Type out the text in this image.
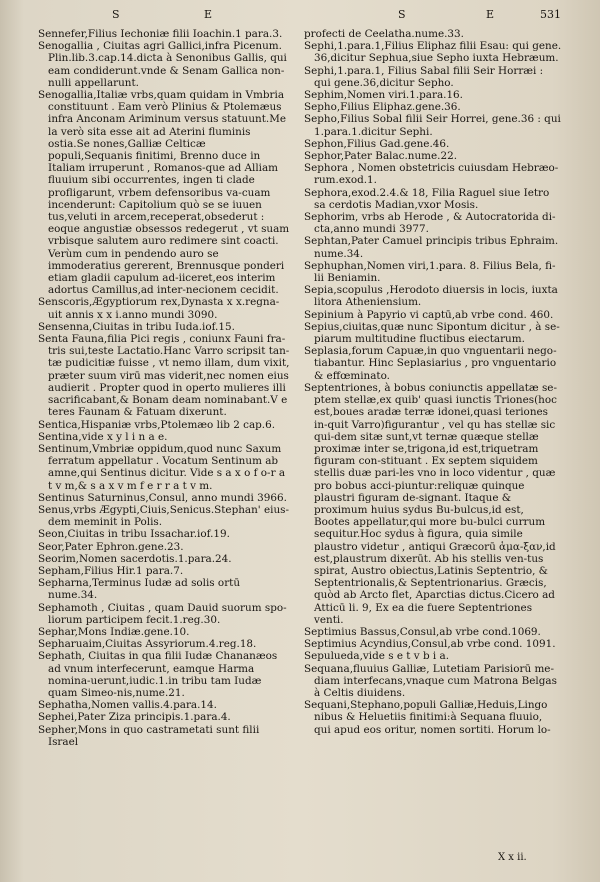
S	E	S	E	531

Sennefer,Filius Iechoniæ filii Ioachin.1 para.3.

Senogallia , Ciuitas agri Gallici,infra Picenum. Plin.lib.3.cap.14.dicta à Senonibus Gallis, qui eam condiderunt.vnde & Senam Gallica non-nulli appellarunt.

Senogallia,Italiæ vrbs,quam quidam in Vmbria constituunt . Eam verò Plinius & Ptolemæus infra Anconam Ariminum versus statuunt.Me la verò sita esse ait ad Aterini fluminis ostia.Se nones,Galliæ Celticæ populi,Sequanis finitimi, Brenno duce in Italiam irruperunt , Romanos-que ad Alliam fluuium sibi occurrentes, ingen ti clade profligarunt, vrbem defensoribus va-cuam incenderunt: Capitolium quò se se iuuen tus,veluti in arcem,receperat,obsederut : eoque angustiæ obsessos redegerut , vt suam vrbisque salutem auro redimere sint coacti. Verùm cum in pendendo auro se immoderatius gererent, Brennusque ponderi etiam gladii capulum ad-iiceret,eos interim adortus Camillus,ad inter-necionem cecidit.

Senscoris,Ægyptiorum rex,Dynasta x x.regna-uit annis x x i.anno mundi 3090.

Sensenna,Ciuitas in tribu Iuda.iof.15.

Senta Fauna,filia Pici regis , coniunx Fauni fra-tris sui,teste Lactatio.Hanc Varro scripsit tan-tæ pudicitiæ fuisse , vt nemo illam, dum vixit, præter suum virū mas viderit,nec nomen eius audierit . Propter quod in operto mulieres illi sacrificabant,& Bonam deam nominabant.V e teres Faunam & Fatuam dixerunt.

Sentica,Hispaniæ vrbs,Ptolemæo lib 2 cap.6.

Sentina,vide x y l i n a e.

Sentinum,Vmbriæ oppidum,quod nunc Saxum ferratum appellatur . Vocatum Sentinum ab amne,qui Sentinus dicitur. Vide s a x o f o-r a t v m,& s a x v m f e r r a t v m.

Sentinus Saturninus,Consul, anno mundi 3966.

Senus,vrbs Ægypti,Ciuis,Senicus.Stephan' eius-dem meminit in Polis.

Seon,Ciuitas in tribu Issachar.iof.19.

Seor,Pater Ephron.gene.23.

Seorim,Nomen sacerdotis.1.para.24.

Sepham,Filius Hir.1 para.7.

Sepharna,Terminus Iudæ ad solis ortū nume.34.

Sephamoth , Ciuitas , quam Dauid suorum spo-liorum participem fecit.1.reg.30.

Sephar,Mons Indiæ.gene.10.

Sepharuaim,Ciuitas Assyriorum.4.reg.18.

Sephath, Ciuitas in qua filii Iudæ Chananæos ad vnum interfecerunt, eamque Harma nomina-uerunt,iudic.1.in tribu tam Iudæ quam Simeo-nis,nume.21.

Sephatha,Nomen vallis.4.para.14.

Sephei,Pater Ziza principis.1.para.4.

Sepher,Mons in quo castrametati sunt filii Israel

profecti de Ceelatha.nume.33.

Sephi,1.para.1,Filius Eliphaz filii Esau: qui gene. 36,dicitur Sephua,siue Sepho iuxta Hebræum.

Sephi,1.para.1, Filius Sabal filii Seir Horræi : qui gene.36,dicitur Sepho.

Sephim,Nomen viri.1.para.16.

Sepho,Filius Eliphaz.gene.36.

Sepho,Filius Sobal filii Seir Horrei, gene.36 : qui 1.para.1.dicitur Sephi.

Sephon,Filius Gad.gene.46.

Sephor,Pater Balac.nume.22.

Sephora , Nomen obstetricis cuiusdam Hebræo-rum.exod.1.

Sephora,exod.2.4.& 18, Filia Raguel siue Ietro sa cerdotis Madian,vxor Mosis.

Sephorim, vrbs ab Herode , & Autocratorida di-cta,anno mundi 3977.

Sephtan,Pater Camuel principis tribus Ephraim. nume.34.

Sephuphan,Nomen viri,1.para. 8. Filius Bela, fi-lii Beniamin.

Sepia,scopulus ,Herodoto diuersis in locis, iuxta litora Atheniensium.

Sepinium à Papyrio vi captū,ab vrbe cond. 460.

Sepius,ciuitas,quæ nunc Sipontum dicitur , à se-piarum multitudine fluctibus eiectarum.

Seplasia,forum Capuæ,in quo vnguentarii nego-tiabantur. Hinc Seplasiarius , pro vnguentario & effœminato.

Septentriones, à bobus coniunctis appellatæ se-ptem stellæ,ex quib' quasi iunctis Triones(hoc est,boues aradæ terræ idonei,quasi teriones in-quit Varro)figurantur , vel qu has stellæ sic qui-dem sitæ sunt,vt ternæ quæque stellæ proximæ inter se,trigona,id est,triquetram figuram con-stituant . Ex septem siquidem stellis duæ pari-les vno in loco videntur , quæ pro bobus acci-piuntur:reliquæ quinque plaustri figuram de-signant. Itaque & proximum huius sydus Bu-bulcus,id est, Bootes appellatur,qui more bu-bulci currum sequitur.Hoc sydus à figura, quia simile plaustro videtur , antiqui Græcorū ἁμα-ξαν,id est,plaustrum dixerūt. Ab his stellis ven-tus spirat, Austro obiectus,Latinis Septentrio, & Septentrionalis,& Septentrionarius. Græcis, quòd ab Arcto flet, Aparctias dictus.Cicero ad Atticū li. 9, Ex ea die fuere Septentriones venti.

Septimius Bassus,Consul,ab vrbe cond.1069.

Septimius Acyndius,Consul,ab vrbe cond. 1091.

Sepulueda,vide s e t v b i a.

Sequana,fluuius Galliæ, Lutetiam Parisiorū me-diam interfecans,vnaque cum Matrona Belgas à Celtis diuidens.

Sequani,Stephano,populi Galliæ,Heduis,Lingo nibus & Heluetiis finitimi:à Sequana fluuio, qui apud eos oritur, nomen sortiti. Horum lo-

X x ii.
